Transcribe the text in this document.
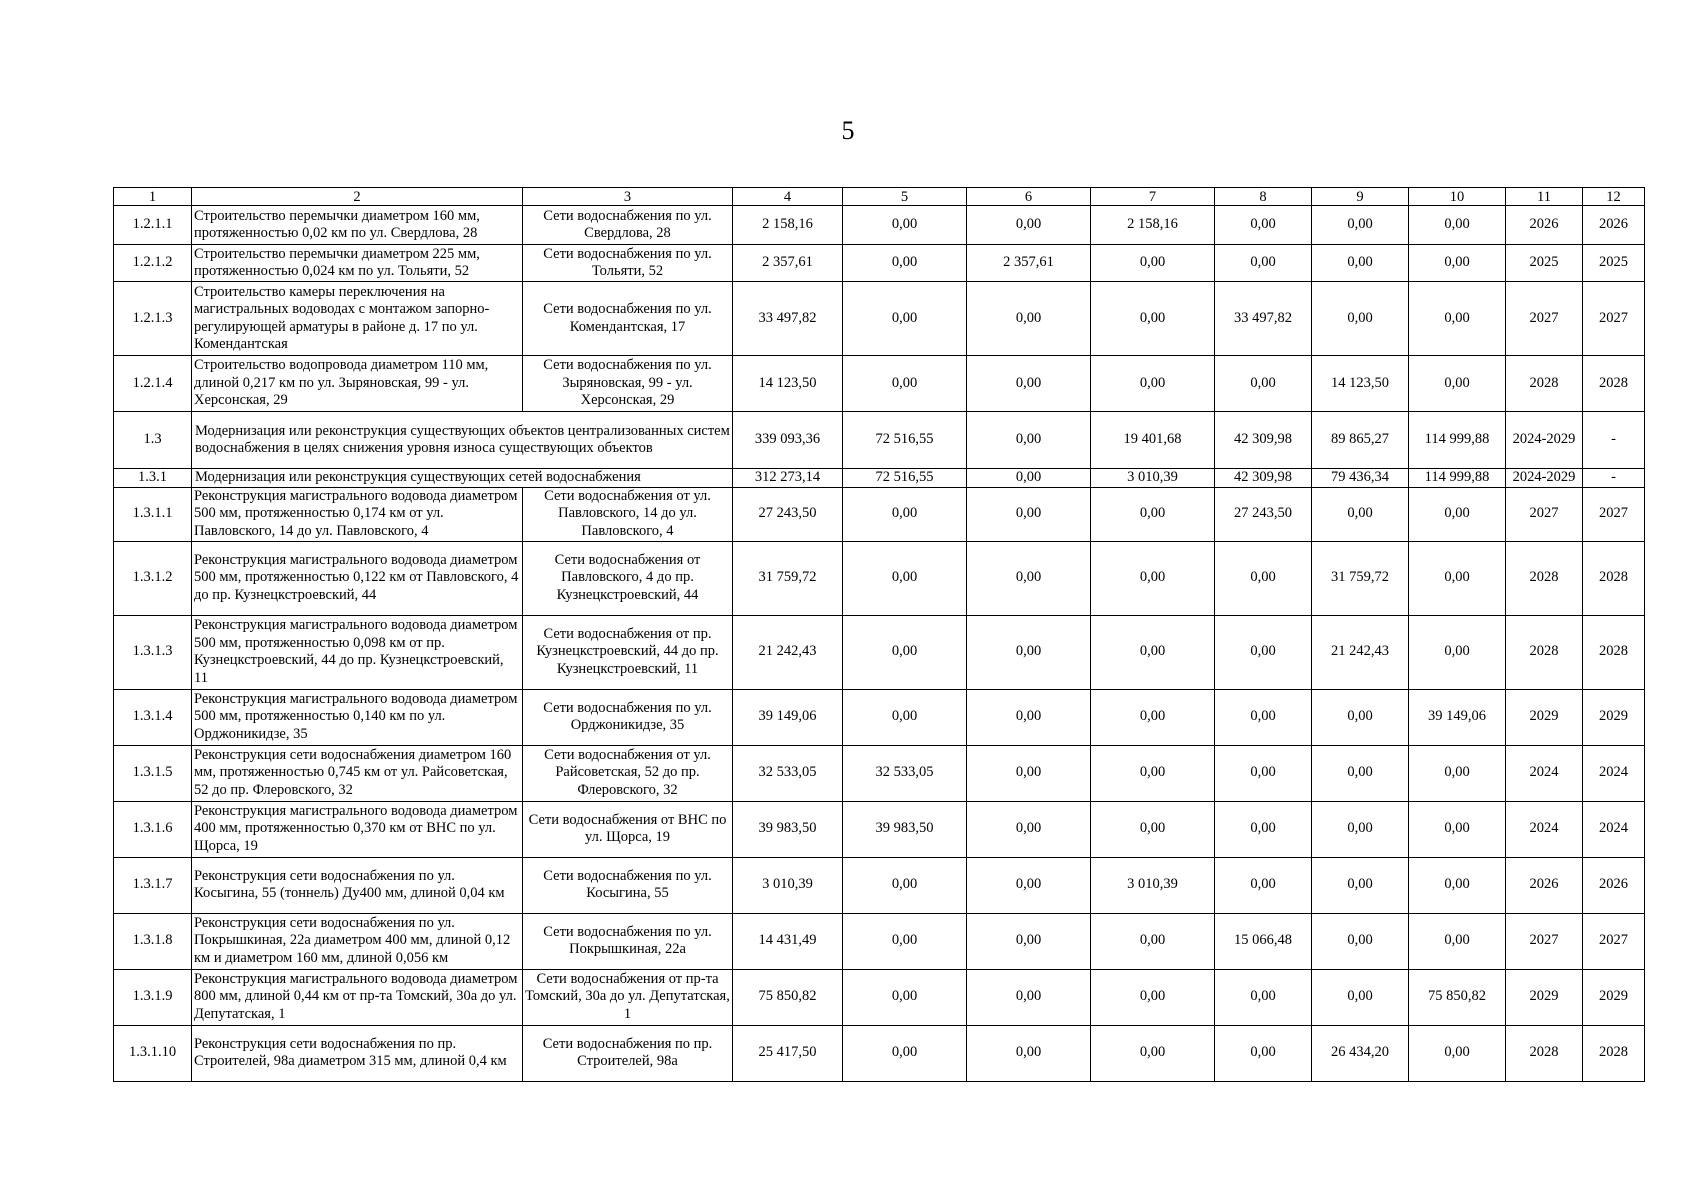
5
1	2	3	4	5	6	7	8	9	10	11	12
1.2.1.1	Строительство перемычки диаметром 160 мм, протяженностью 0,02 км по ул. Свердлова, 28	Сети водоснабжения по ул. Свердлова, 28	2 158,16	0,00	0,00	2 158,16	0,00	0,00	0,00	2026	2026
1.2.1.2	Строительство перемычки диаметром 225 мм, протяженностью 0,024 км по ул. Тольяти, 52	Сети водоснабжения по ул. Тольяти, 52	2 357,61	0,00	2 357,61	0,00	0,00	0,00	0,00	2025	2025
1.2.1.3	Строительство камеры переключения на магистральных водоводах с монтажом запорно-регулирующей арматуры в районе д. 17 по ул. Комендантская	Сети водоснабжения по ул. Комендантская, 17	33 497,82	0,00	0,00	0,00	33 497,82	0,00	0,00	2027	2027
1.2.1.4	Строительство водопровода диаметром 110 мм, длиной 0,217 км по ул. Зыряновская, 99 - ул. Херсонская, 29	Сети водоснабжения по ул. Зыряновская, 99 - ул. Херсонская, 29	14 123,50	0,00	0,00	0,00	0,00	14 123,50	0,00	2028	2028
1.3	Модернизация или реконструкция существующих объектов централизованных систем водоснабжения в целях снижения уровня износа существующих объектов		339 093,36	72 516,55	0,00	19 401,68	42 309,98	89 865,27	114 999,88	2024-2029	-
1.3.1	Модернизация или реконструкция существующих сетей водоснабжения		312 273,14	72 516,55	0,00	3 010,39	42 309,98	79 436,34	114 999,88	2024-2029	-
1.3.1.1	Реконструкция магистрального водовода диаметром 500 мм, протяженностью 0,174 км от ул. Павловского, 14 до ул. Павловского, 4	Сети водоснабжения от ул. Павловского, 14 до ул. Павловского, 4	27 243,50	0,00	0,00	0,00	27 243,50	0,00	0,00	2027	2027
1.3.1.2	Реконструкция магистрального водовода диаметром 500 мм, протяженностью 0,122 км от Павловского, 4 до пр. Кузнецкстроевский, 44	Сети водоснабжения от Павловского, 4 до пр. Кузнецкстроевский, 44	31 759,72	0,00	0,00	0,00	0,00	31 759,72	0,00	2028	2028
1.3.1.3	Реконструкция магистрального водовода диаметром 500 мм, протяженностью 0,098 км от пр. Кузнецкстроевский, 44 до пр. Кузнецкстроевский, 11	Сети водоснабжения от пр. Кузнецкстроевский, 44 до пр. Кузнецкстроевский, 11	21 242,43	0,00	0,00	0,00	0,00	21 242,43	0,00	2028	2028
1.3.1.4	Реконструкция магистрального водовода диаметром 500 мм, протяженностью 0,140 км по ул. Орджоникидзе, 35	Сети водоснабжения по ул. Орджоникидзе, 35	39 149,06	0,00	0,00	0,00	0,00	0,00	39 149,06	2029	2029
1.3.1.5	Реконструкция сети водоснабжения диаметром 160 мм, протяженностью 0,745 км от ул. Райсоветская, 52 до пр. Флеровского, 32	Сети водоснабжения от ул. Райсоветская, 52 до пр. Флеровского, 32	32 533,05	32 533,05	0,00	0,00	0,00	0,00	0,00	2024	2024
1.3.1.6	Реконструкция магистрального водовода диаметром 400 мм, протяженностью 0,370 км от ВНС по ул. Щорса, 19	Сети водоснабжения от ВНС по ул. Щорса, 19	39 983,50	39 983,50	0,00	0,00	0,00	0,00	0,00	2024	2024
1.3.1.7	Реконструкция сети водоснабжения по ул. Косыгина, 55 (тоннель) Ду400 мм, длиной 0,04 км	Сети водоснабжения по ул. Косыгина, 55	3 010,39	0,00	0,00	3 010,39	0,00	0,00	0,00	2026	2026
1.3.1.8	Реконструкция сети водоснабжения по ул. Покрышкиная, 22а диаметром 400 мм, длиной 0,12 км и диаметром 160 мм, длиной 0,056 км	Сети водоснабжения по ул. Покрышкиная, 22а	14 431,49	0,00	0,00	0,00	15 066,48	0,00	0,00	2027	2027
1.3.1.9	Реконструкция магистрального водовода диаметром 800 мм, длиной 0,44 км от пр-та Томский, 30а до ул. Депутатская, 1	Сети водоснабжения от пр-та Томский, 30а до ул. Депутатская, 1	75 850,82	0,00	0,00	0,00	0,00	0,00	75 850,82	2029	2029
1.3.1.10	Реконструкция сети водоснабжения по пр. Строителей, 98а диаметром 315 мм, длиной 0,4 км	Сети водоснабжения по пр. Строителей, 98а	25 417,50	0,00	0,00	0,00	0,00	26 434,20	0,00	2028	2028
